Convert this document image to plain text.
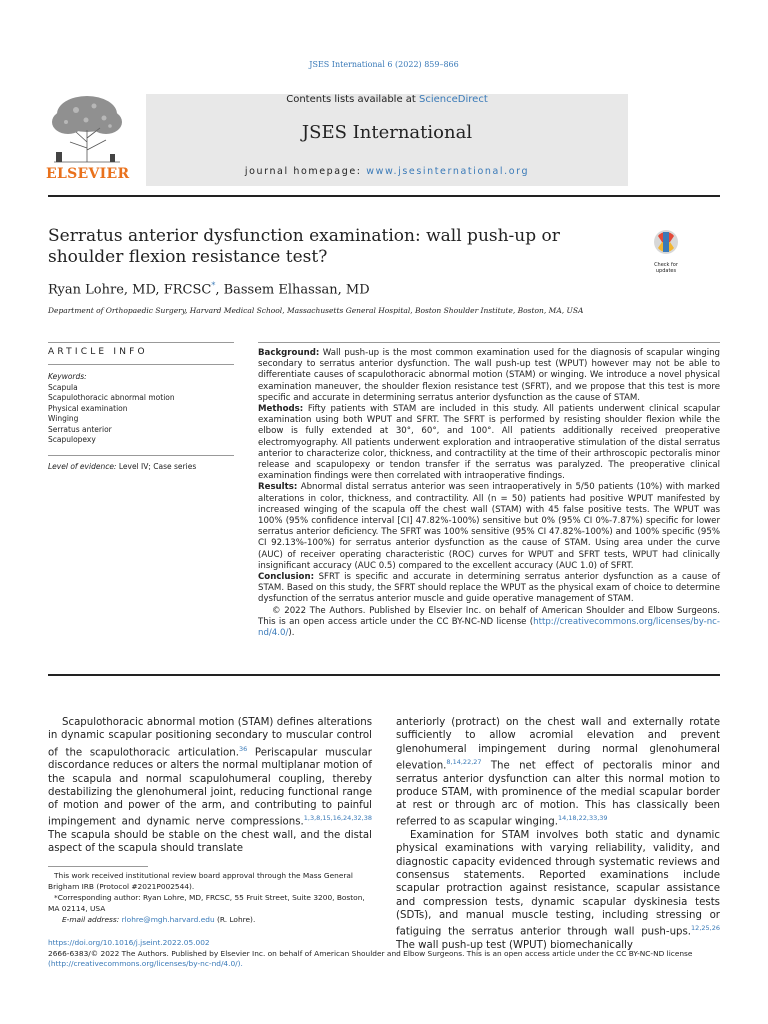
JSES International 6 (2022) 859–866
Contents lists available at ScienceDirect
JSES International
journal homepage: www.jsesinternational.org
ELSEVIER
Check for updates
Serratus anterior dysfunction examination: wall push-up or shoulder flexion resistance test?
Ryan Lohre, MD, FRCSC*, Bassem Elhassan, MD
Department of Orthopaedic Surgery, Harvard Medical School, Massachusetts General Hospital, Boston Shoulder Institute, Boston, MA, USA
ARTICLE INFO
Keywords:
Scapula
Scapulothoracic abnormal motion
Physical examination
Winging
Serratus anterior
Scapulopexy
Level of evidence: Level IV; Case series

Background: Wall push-up is the most common examination used for the diagnosis of scapular winging secondary to serratus anterior dysfunction. The wall push-up test (WPUT) however may not be able to differentiate causes of scapulothoracic abnormal motion (STAM) or winging. We introduce a novel physical examination maneuver, the shoulder flexion resistance test (SFRT), and we propose that this test is more specific and accurate in determining serratus anterior dysfunction as the cause of STAM.

Methods: Fifty patients with STAM are included in this study. All patients underwent clinical scapular examination using both WPUT and SFRT. The SFRT is performed by resisting shoulder flexion while the elbow is fully extended at 30°, 60°, and 100°. All patients additionally received preoperative electromyography. All patients underwent exploration and intraoperative stimulation of the distal serratus anterior to characterize color, thickness, and contractility at the time of their arthroscopic pectoralis minor release and scapulopexy or tendon transfer if the serratus was paralyzed. The preoperative clinical examination findings were then correlated with intraoperative findings.

Results: Abnormal distal serratus anterior was seen intraoperatively in 5/50 patients (10%) with marked alterations in color, thickness, and contractility. All (n = 50) patients had positive WPUT manifested by increased winging of the scapula off the chest wall (STAM) with 45 false positive tests. The WPUT was 100% (95% confidence interval [CI] 47.82%-100%) sensitive but 0% (95% CI 0%-7.87%) specific for lower serratus anterior deficiency. The SFRT was 100% sensitive (95% CI 47.82%-100%) and 100% specific (95% CI 92.13%-100%) for serratus anterior dysfunction as the cause of STAM. Using area under the curve (AUC) of receiver operating characteristic (ROC) curves for WPUT and SFRT tests, WPUT had clinically insignificant accuracy (AUC 0.5) compared to the excellent accuracy (AUC 1.0) of SFRT.

Conclusion: SFRT is specific and accurate in determining serratus anterior dysfunction as a cause of STAM. Based on this study, the SFRT should replace the WPUT as the physical exam of choice to determine dysfunction of the serratus anterior muscle and guide operative management of STAM.

© 2022 The Authors. Published by Elsevier Inc. on behalf of American Shoulder and Elbow Surgeons. This is an open access article under the CC BY-NC-ND license (http://creativecommons.org/licenses/by-nc-nd/4.0/).

Scapulothoracic abnormal motion (STAM) defines alterations in dynamic scapular positioning secondary to muscular control of the scapulothoracic articulation.$^{36}$ Periscapular muscular discordance reduces or alters the normal multiplanar motion of the scapula and normal scapulohumeral coupling, thereby destabilizing the glenohumeral joint, reducing functional range of motion and power of the arm, and contributing to painful impingement and dynamic nerve compressions.$^{1,3,8,15,16,24,32,38}$ The scapula should be stable on the chest wall, and the distal aspect of the scapula should translate

anteriorly (protract) on the chest wall and externally rotate sufficiently to allow acromial elevation and prevent glenohumeral impingement during normal glenohumeral elevation.$^{8,14,22,27}$ The net effect of pectoralis minor and serratus anterior dysfunction can alter this normal motion to produce STAM, with prominence of the medial scapular border at rest or through arc of motion. This has classically been referred to as scapular winging.$^{14,18,22,33,39}$

Examination for STAM involves both static and dynamic physical examinations with varying reliability, validity, and diagnostic capacity evidenced through systematic reviews and consensus statements. Reported examinations include scapular protraction against resistance, scapular assistance and compression tests, dynamic scapular dyskinesia tests (SDTs), and manual muscle testing, including stressing or fatiguing the serratus anterior through wall push-ups.$^{12,25,26}$ The wall push-up test (WPUT) biomechanically

This work received institutional review board approval through the Mass General Brigham IRB (Protocol #2021P002544).

*Corresponding author: Ryan Lohre, MD, FRCSC, 55 Fruit Street, Suite 3200, Boston, MA 02114, USA

E-mail address: rlohre@mgh.harvard.edu (R. Lohre).

https://doi.org/10.1016/j.jseint.2022.05.002

2666-6383/© 2022 The Authors. Published by Elsevier Inc. on behalf of American Shoulder and Elbow Surgeons. This is an open access article under the CC BY-NC-ND license

(http://creativecommons.org/licenses/by-nc-nd/4.0/).
